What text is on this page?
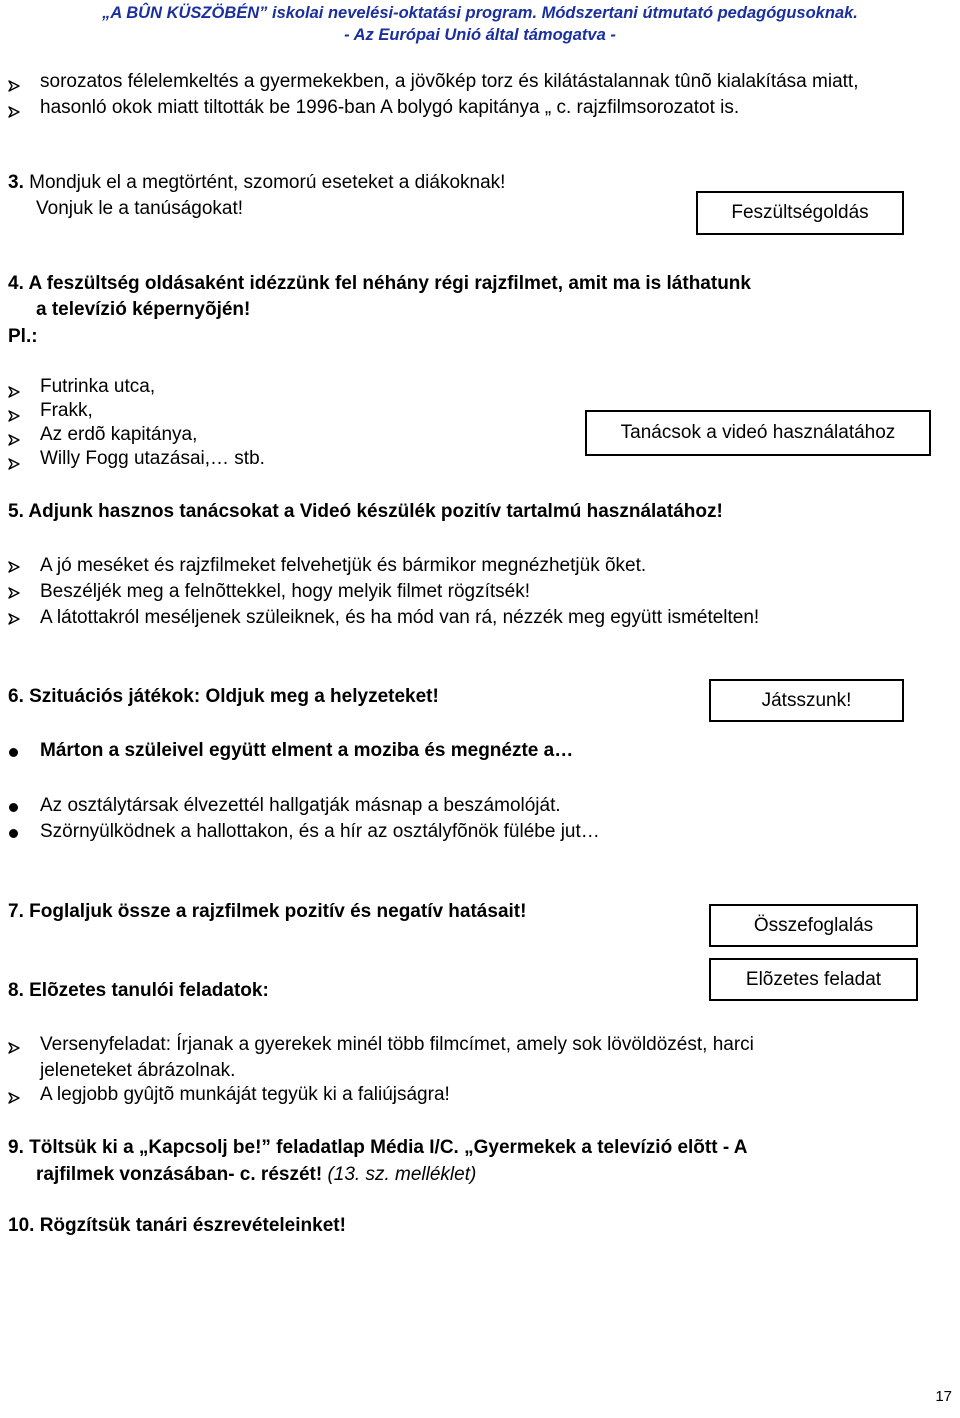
„A BÛN KÜSZÖBÉN” iskolai nevelési-oktatási program. Módszertani útmutató pedagógusoknak.
- Az Európai Unió által támogatva -
sorozatos félelemkeltés a gyermekekben, a jövõkép torz és kilátástalannak tûnõ kialakítása miatt,
hasonló okok miatt tiltották be 1996-ban A bolygó kapitánya „ c. rajzfilmsorozatot is.
3. Mondjuk el a megtörtént, szomorú eseteket a diákoknak!
Vonjuk le a tanúságokat!	Feszültségoldás
4. A feszültség oldásaként idézzünk fel néhány régi rajzfilmet, amit ma is láthatunk
a televízió képernyõjén!
Pl.:
Futrinka utca,
Frakk,
Az erdõ kapitánya,
Willy Fogg utazásai,… stb.
Tanácsok a videó használatához
5. Adjunk hasznos tanácsokat a Videó készülék pozitív tartalmú használatához!
A jó meséket és rajzfilmeket felvehetjük és bármikor megnézhetjük õket.
Beszéljék meg a felnõttekkel, hogy melyik filmet rögzítsék!
A látottakról meséljenek szüleiknek, és ha mód van rá, nézzék meg együtt ismételten!
6. Szituációs játékok: Oldjuk meg a helyzeteket!	Játsszunk!
Márton a szüleivel együtt elment a moziba és megnézte a…
Az osztálytársak élvezettél hallgatják másnap a beszámolóját.
Szörnyülködnek a hallottakon, és a hír az osztályfõnök fülébe jut…
7. Foglaljuk össze a rajzfilmek pozitív és negatív hatásait!
Összefoglalás
Elõzetes feladat
8. Elõzetes tanulói feladatok:
Versenyfeladat: Írjanak a gyerekek minél több filmcímet, amely sok lövöldözést, harci
jeleneteket ábrázolnak.
A legjobb gyûjtõ munkáját tegyük ki a faliújságra!
9. Töltsük ki a „Kapcsolj be!” feladatlap Média I/C. „Gyermekek a televízió elõtt - A
rajfilmek vonzásában- c. részét! (13. sz. melléklet)
10. Rögzítsük tanári észrevételeinket!
17
